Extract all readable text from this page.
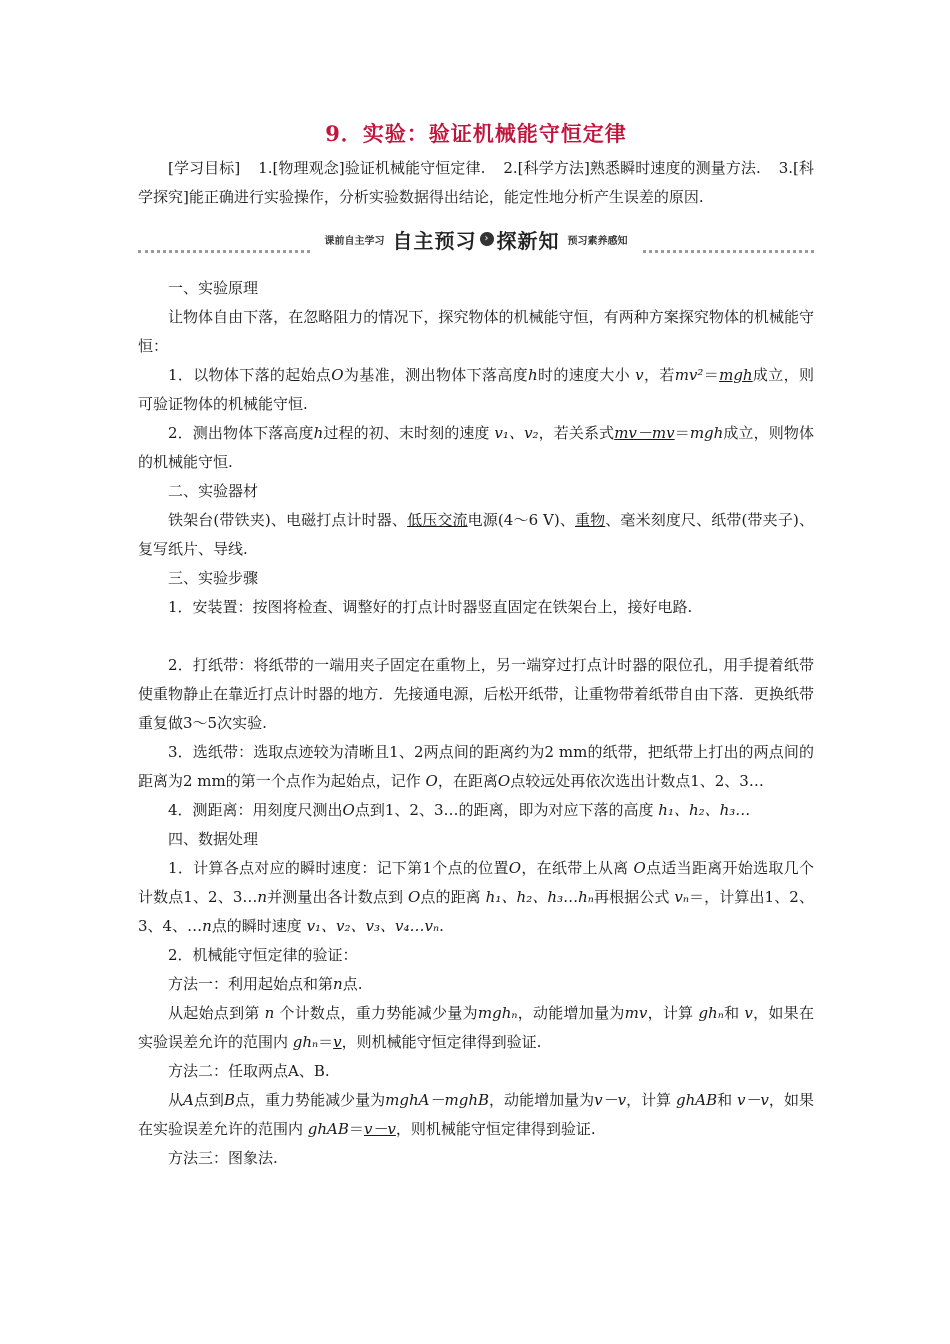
9．实验：验证机械能守恒定律

[学习目标] 1.[物理观念]验证机械能守恒定律. 2.[科学方法]熟悉瞬时速度的测量方法. 3.[科学探究]能正确进行实验操作，分析实验数据得出结论，能定性地分析产生误差的原因.

课前自主学习 自主预习 › 探新知 预习素养感知

一、实验原理

让物体自由下落，在忽略阻力的情况下，探究物体的机械能守恒，有两种方案探究物体的机械能守恒：

1．以物体下落的起始点O为基准，测出物体下落高度h时的速度大小 v，若mv²＝mgh成立，则可验证物体的机械能守恒.

2．测出物体下落高度h过程的初、末时刻的速度 v₁、v₂，若关系式mv－mv＝mgh成立，则物体的机械能守恒.

二、实验器材

铁架台(带铁夹)、电磁打点计时器、低压交流电源(4～6 V)、重物、毫米刻度尺、纸带(带夹子)、复写纸片、导线.

三、实验步骤

1．安装置：按图将检查、调整好的打点计时器竖直固定在铁架台上，接好电路.

2．打纸带：将纸带的一端用夹子固定在重物上，另一端穿过打点计时器的限位孔，用手提着纸带使重物静止在靠近打点计时器的地方．先接通电源，后松开纸带，让重物带着纸带自由下落．更换纸带重复做3～5次实验.

3．选纸带：选取点迹较为清晰且1、2两点间的距离约为2 mm的纸带，把纸带上打出的两点间的距离为2 mm的第一个点作为起始点，记作 O，在距离O点较远处再依次选出计数点1、2、3…

4．测距离：用刻度尺测出O点到1、2、3…的距离，即为对应下落的高度 h₁、h₂、h₃…

四、数据处理

1．计算各点对应的瞬时速度：记下第1个点的位置O，在纸带上从离 O点适当距离开始选取几个计数点1、2、3…n并测量出各计数点到 O点的距离 h₁、h₂、h₃…hₙ再根据公式 vₙ＝，计算出1、2、3、4、…n点的瞬时速度 v₁、v₂、v₃、v₄…vₙ.

2．机械能守恒定律的验证：

方法一：利用起始点和第n点.

从起始点到第 n 个计数点，重力势能减少量为mghₙ，动能增加量为mv，计算 ghₙ和 v，如果在实验误差允许的范围内 ghₙ＝v，则机械能守恒定律得到验证.

方法二：任取两点A、B.

从A点到B点，重力势能减少量为mghA－mghB，动能增加量为v－v，计算 ghAB和 v－v，如果在实验误差允许的范围内 ghAB＝v－v，则机械能守恒定律得到验证.

方法三：图象法.
